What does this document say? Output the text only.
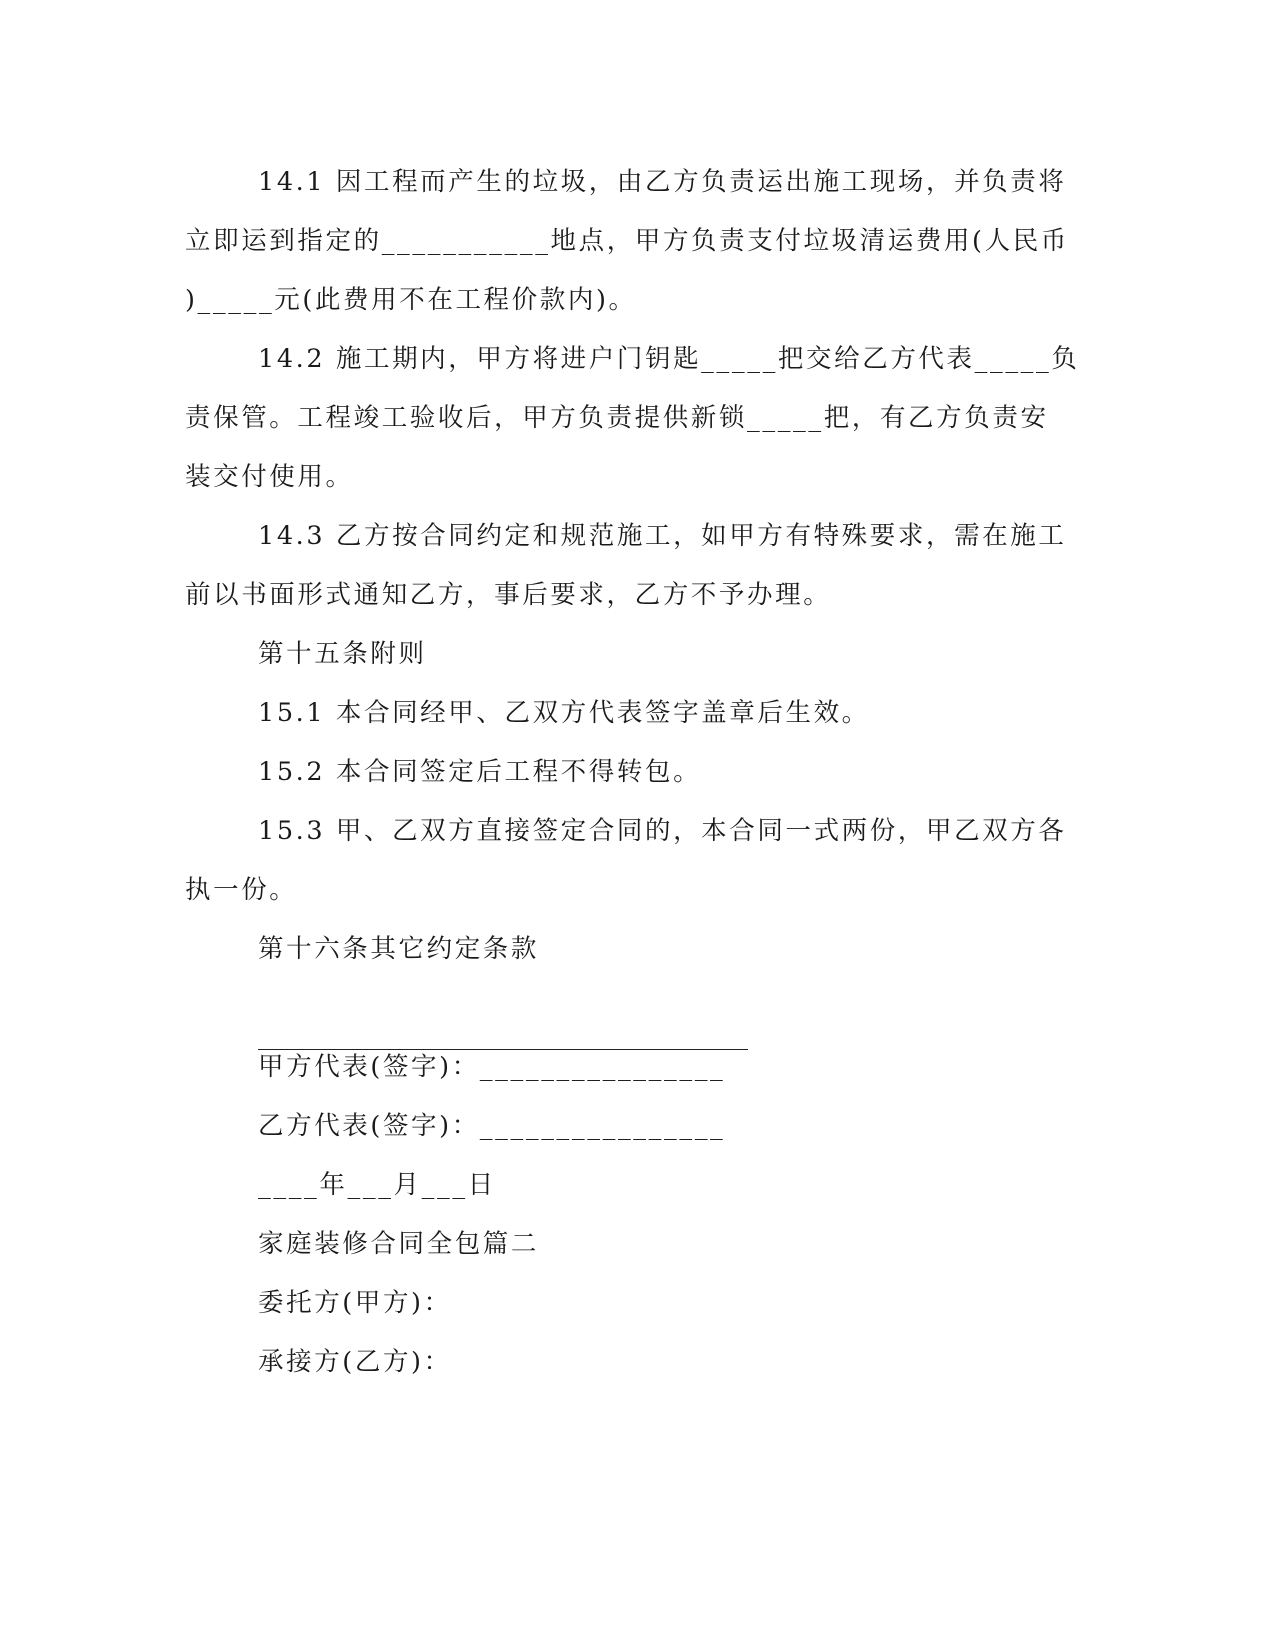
14.1 因工程而产生的垃圾，由乙方负责运出施工现场，并负责将
立即运到指定的___________地点，甲方负责支付垃圾清运费用(人民币
)_____元(此费用不在工程价款内)。
14.2 施工期内，甲方将进户门钥匙_____把交给乙方代表_____负
责保管。工程竣工验收后，甲方负责提供新锁_____把，有乙方负责安
装交付使用。
14.3 乙方按合同约定和规范施工，如甲方有特殊要求，需在施工
前以书面形式通知乙方，事后要求，乙方不予办理。
第十五条附则
15.1 本合同经甲、乙双方代表签字盖章后生效。
15.2 本合同签定后工程不得转包。
15.3 甲、乙双方直接签定合同的，本合同一式两份，甲乙双方各
执一份。
第十六条其它约定条款
甲方代表(签字)：________________
乙方代表(签字)：________________
____年___月___日
家庭装修合同全包篇二
委托方(甲方)：
承接方(乙方)：
